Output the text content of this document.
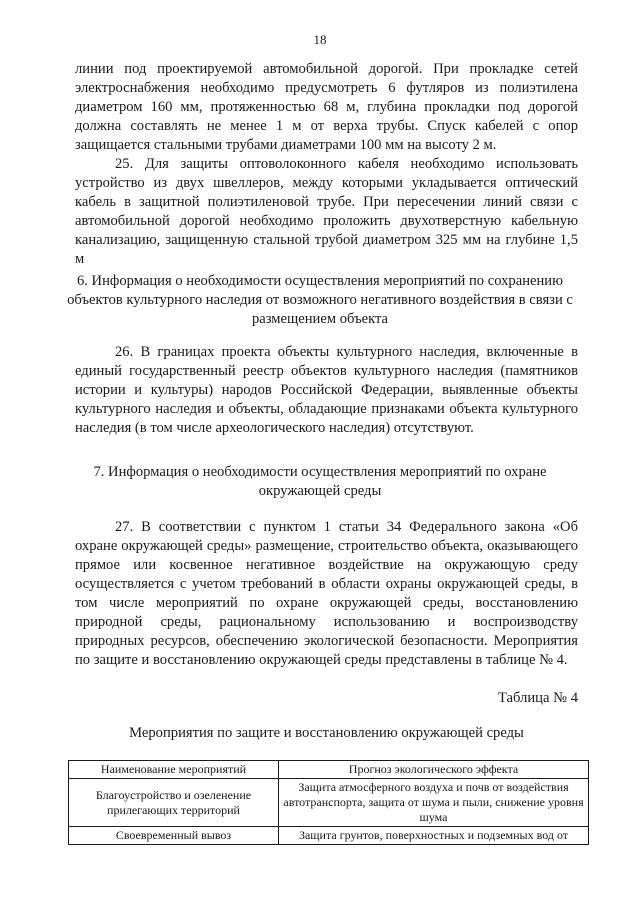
18

линии под проектируемой автомобильной дорогой. При прокладке сетей электроснабжения необходимо предусмотреть 6 футляров из полиэтилена диаметром 160 мм, протяженностью 68 м, глубина прокладки под дорогой должна составлять не менее 1 м от верха трубы. Спуск кабелей с опор защищается стальными трубами диаметрами 100 мм на высоту 2 м.

25. Для защиты оптоволоконного кабеля необходимо использовать устройство из двух швеллеров, между которыми укладывается оптический кабель в защитной полиэтиленовой трубе. При пересечении линий связи с автомобильной дорогой необходимо проложить двухотверстную кабельную канализацию, защищенную стальной трубой диаметром 325 мм на глубине 1,5 м

6. Информация о необходимости осуществления мероприятий по сохранению объектов культурного наследия от возможного негативного воздействия в связи с размещением объекта

26. В границах проекта объекты культурного наследия, включенные в единый государственный реестр объектов культурного наследия (памятников истории и культуры) народов Российской Федерации, выявленные объекты культурного наследия и объекты, обладающие признаками объекта культурного наследия (в том числе археологического наследия) отсутствуют.

7. Информация о необходимости осуществления мероприятий по охране окружающей среды

27. В соответствии с пунктом 1 статьи 34 Федерального закона «Об охране окружающей среды» размещение, строительство объекта, оказывающего прямое или косвенное негативное воздействие на окружающую среду осуществляется с учетом требований в области охраны окружающей среды, в том числе мероприятий по охране окружающей среды, восстановлению природной среды, рациональному использованию и воспроизводству природных ресурсов, обеспечению экологической безопасности. Мероприятия по защите и восстановлению окружающей среды представлены в таблице № 4.

Таблица № 4
Мероприятия по защите и восстановлению окружающей среды
Наименование мероприятий	Прогноз экологического эффекта
Благоустройство и озеленение прилегающих территорий	Защита атмосферного воздуха и почв от воздействия автотранспорта, защита от шума и пыли, снижение уровня шума
Своевременный вывоз	Защита грунтов, поверхностных и подземных вод от
